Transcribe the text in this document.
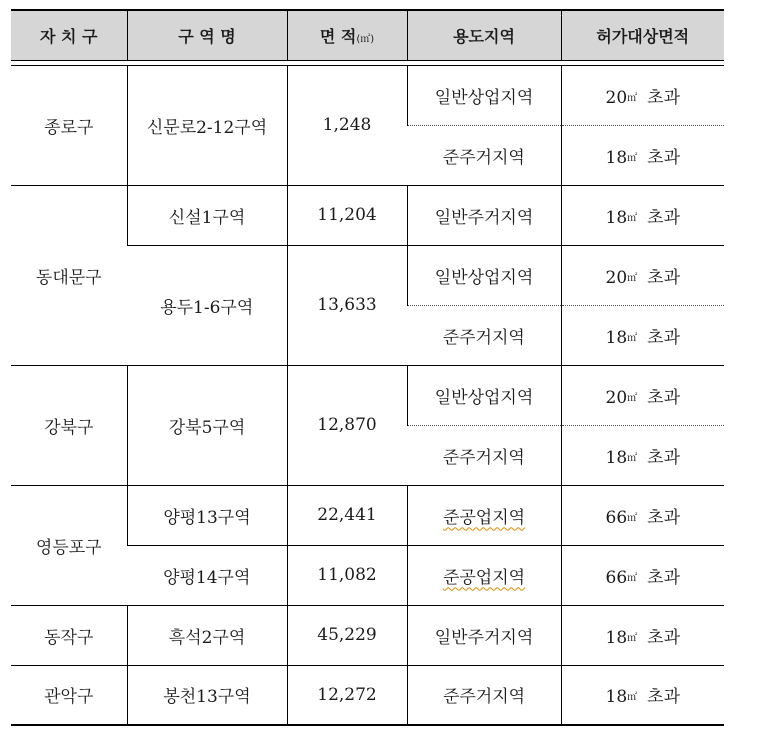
자 치 구	구 역 명	면 적(㎡)	용도지역	허가대상면적

종로구	신문로2-12구역	1,248	일반상업지역	20㎡ 초과
			준주거지역	18㎡ 초과
동대문구	신설1구역	11,204	일반주거지역	18㎡ 초과
	용두1-6구역	13,633	일반상업지역	20㎡ 초과
			준주거지역	18㎡ 초과
강북구	강북5구역	12,870	일반상업지역	20㎡ 초과
			준주거지역	18㎡ 초과
영등포구	양평13구역	22,441	준공업지역	66㎡ 초과
	양평14구역	11,082	준공업지역	66㎡ 초과
동작구	흑석2구역	45,229	일반주거지역	18㎡ 초과
관악구	봉천13구역	12,272	준주거지역	18㎡ 초과
